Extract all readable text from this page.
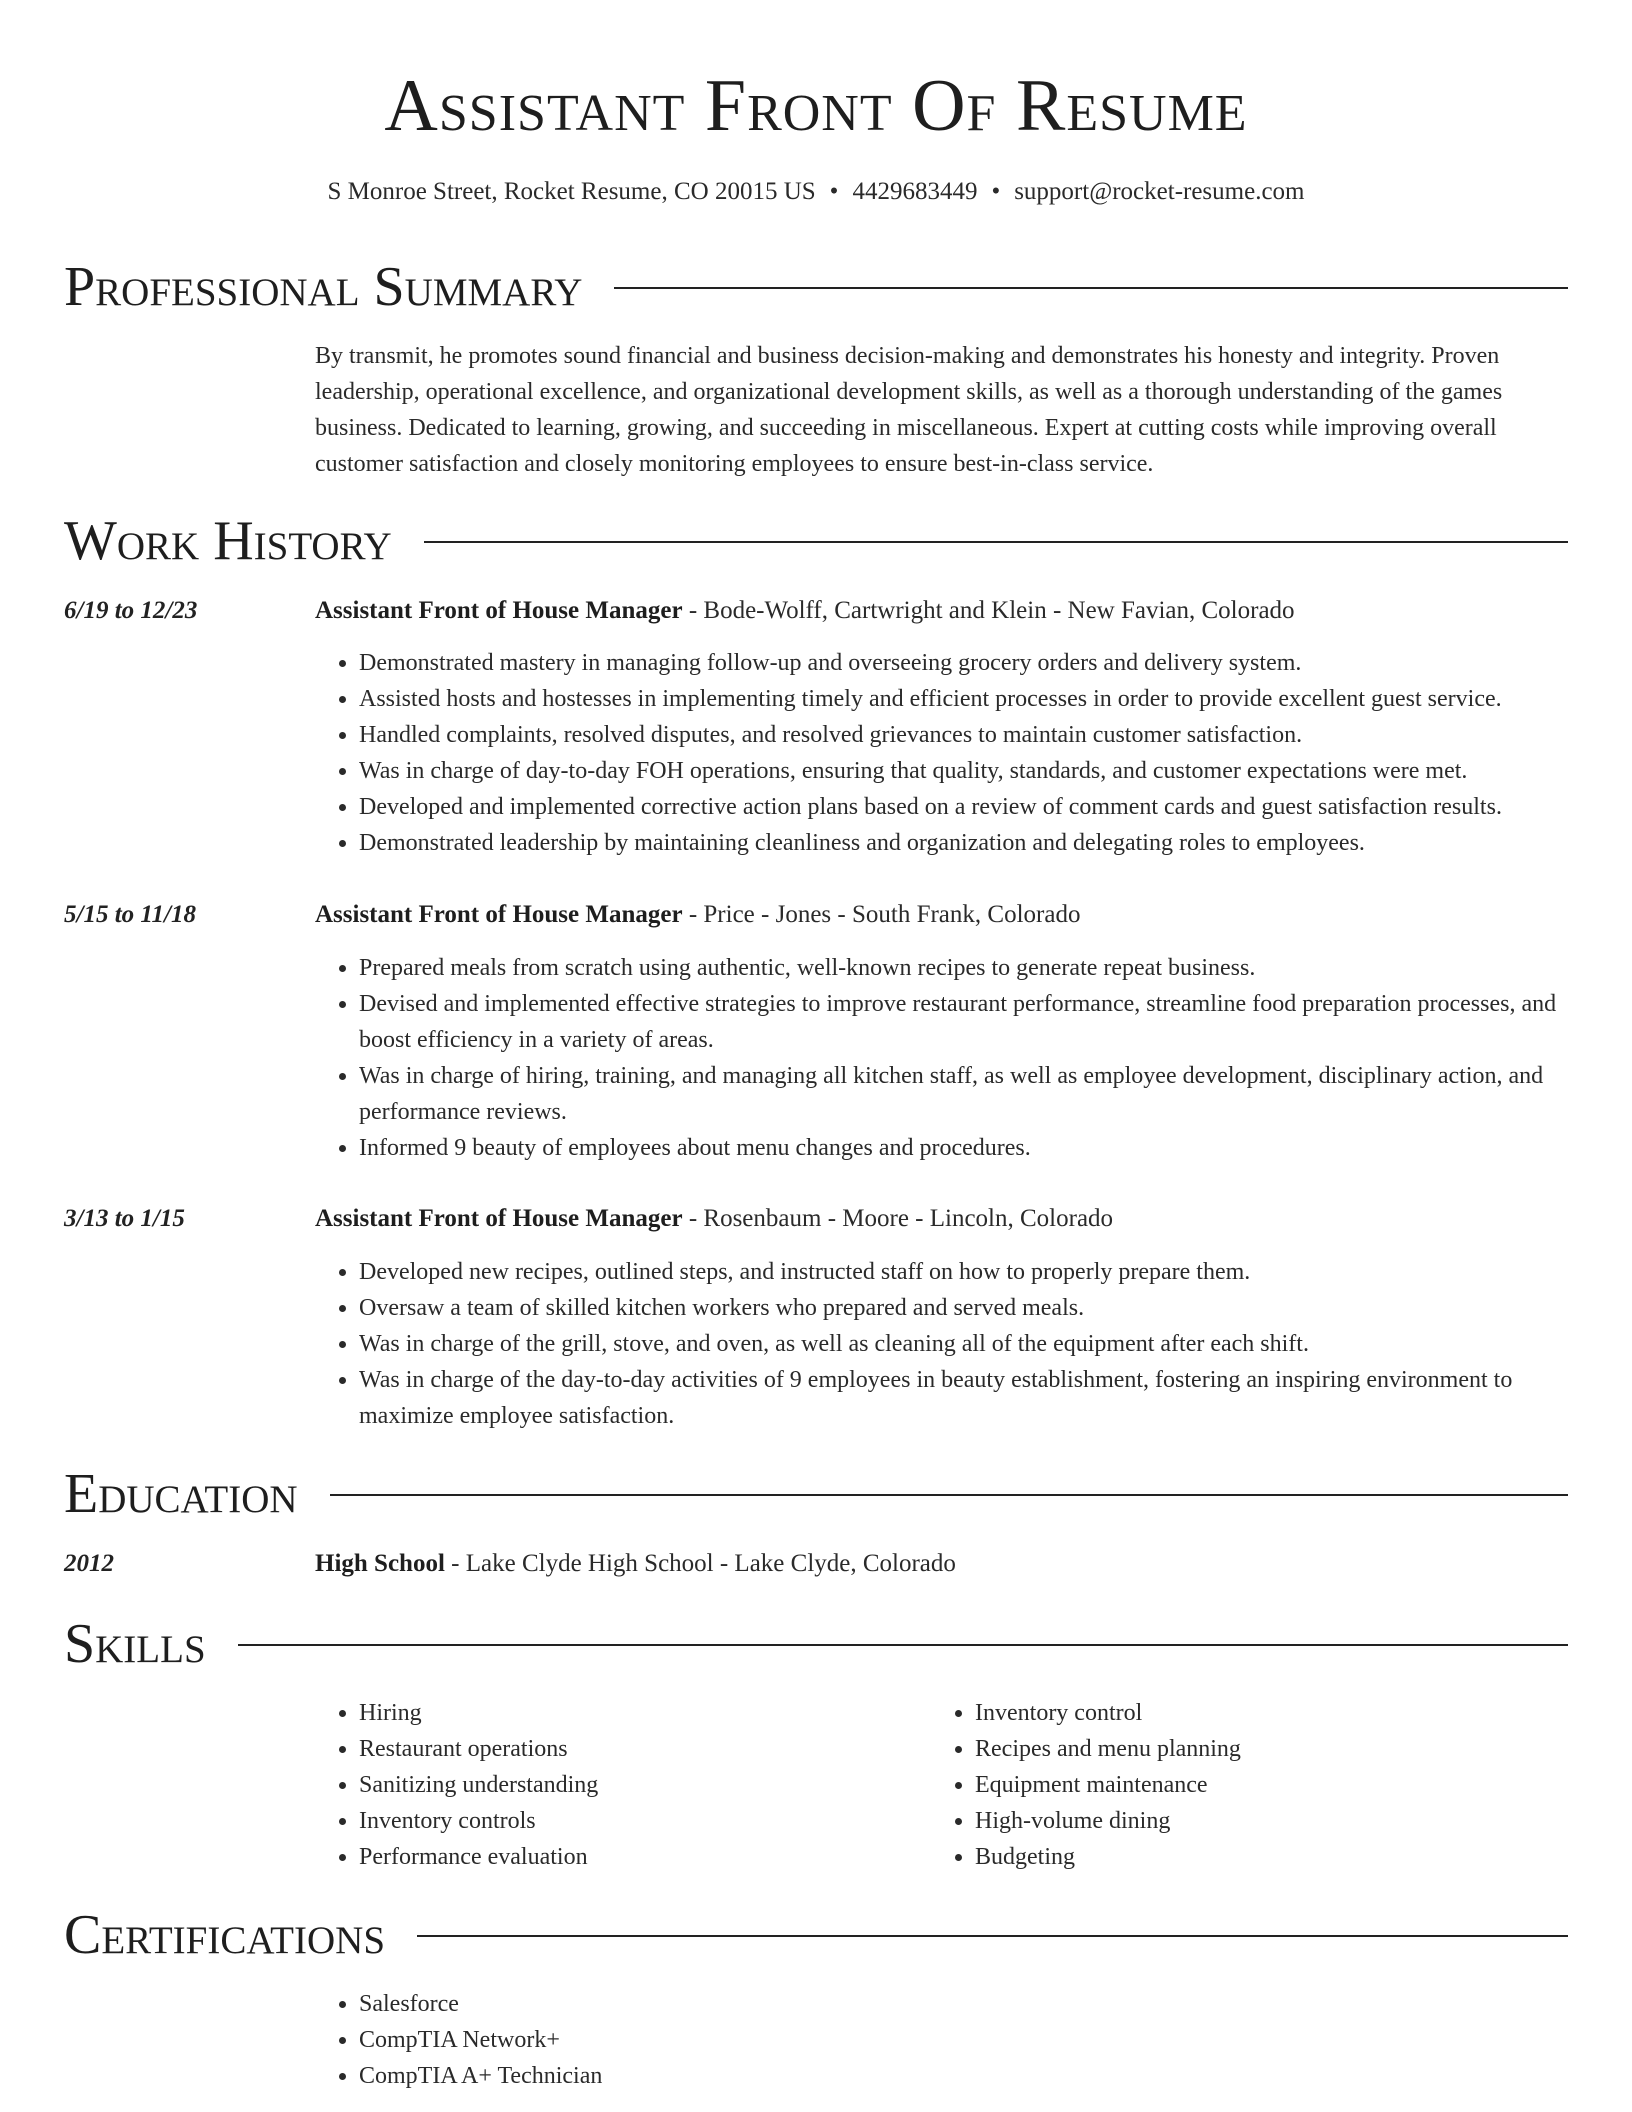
Assistant Front Of Resume
S Monroe Street, Rocket Resume, CO 20015 US • 4429683449 • support@rocket-resume.com
Professional Summary
By transmit, he promotes sound financial and business decision-making and demonstrates his honesty and integrity. Proven leadership, operational excellence, and organizational development skills, as well as a thorough understanding of the games business. Dedicated to learning, growing, and succeeding in miscellaneous. Expert at cutting costs while improving overall customer satisfaction and closely monitoring employees to ensure best-in-class service.
Work History
6/19 to 12/23	Assistant Front of House Manager - Bode-Wolff, Cartwright and Klein - New Favian, Colorado
• Demonstrated mastery in managing follow-up and overseeing grocery orders and delivery system.
• Assisted hosts and hostesses in implementing timely and efficient processes in order to provide excellent guest service.
• Handled complaints, resolved disputes, and resolved grievances to maintain customer satisfaction.
• Was in charge of day-to-day FOH operations, ensuring that quality, standards, and customer expectations were met.
• Developed and implemented corrective action plans based on a review of comment cards and guest satisfaction results.
• Demonstrated leadership by maintaining cleanliness and organization and delegating roles to employees.
5/15 to 11/18	Assistant Front of House Manager - Price - Jones - South Frank, Colorado
• Prepared meals from scratch using authentic, well-known recipes to generate repeat business.
• Devised and implemented effective strategies to improve restaurant performance, streamline food preparation processes, and boost efficiency in a variety of areas.
• Was in charge of hiring, training, and managing all kitchen staff, as well as employee development, disciplinary action, and performance reviews.
• Informed 9 beauty of employees about menu changes and procedures.
3/13 to 1/15	Assistant Front of House Manager - Rosenbaum - Moore - Lincoln, Colorado
• Developed new recipes, outlined steps, and instructed staff on how to properly prepare them.
• Oversaw a team of skilled kitchen workers who prepared and served meals.
• Was in charge of the grill, stove, and oven, as well as cleaning all of the equipment after each shift.
• Was in charge of the day-to-day activities of 9 employees in beauty establishment, fostering an inspiring environment to maximize employee satisfaction.
Education
2012	High School - Lake Clyde High School - Lake Clyde, Colorado
Skills
• Hiring
• Restaurant operations
• Sanitizing understanding
• Inventory controls
• Performance evaluation
• Inventory control
• Recipes and menu planning
• Equipment maintenance
• High-volume dining
• Budgeting
Certifications
• Salesforce
• CompTIA Network+
• CompTIA A+ Technician
